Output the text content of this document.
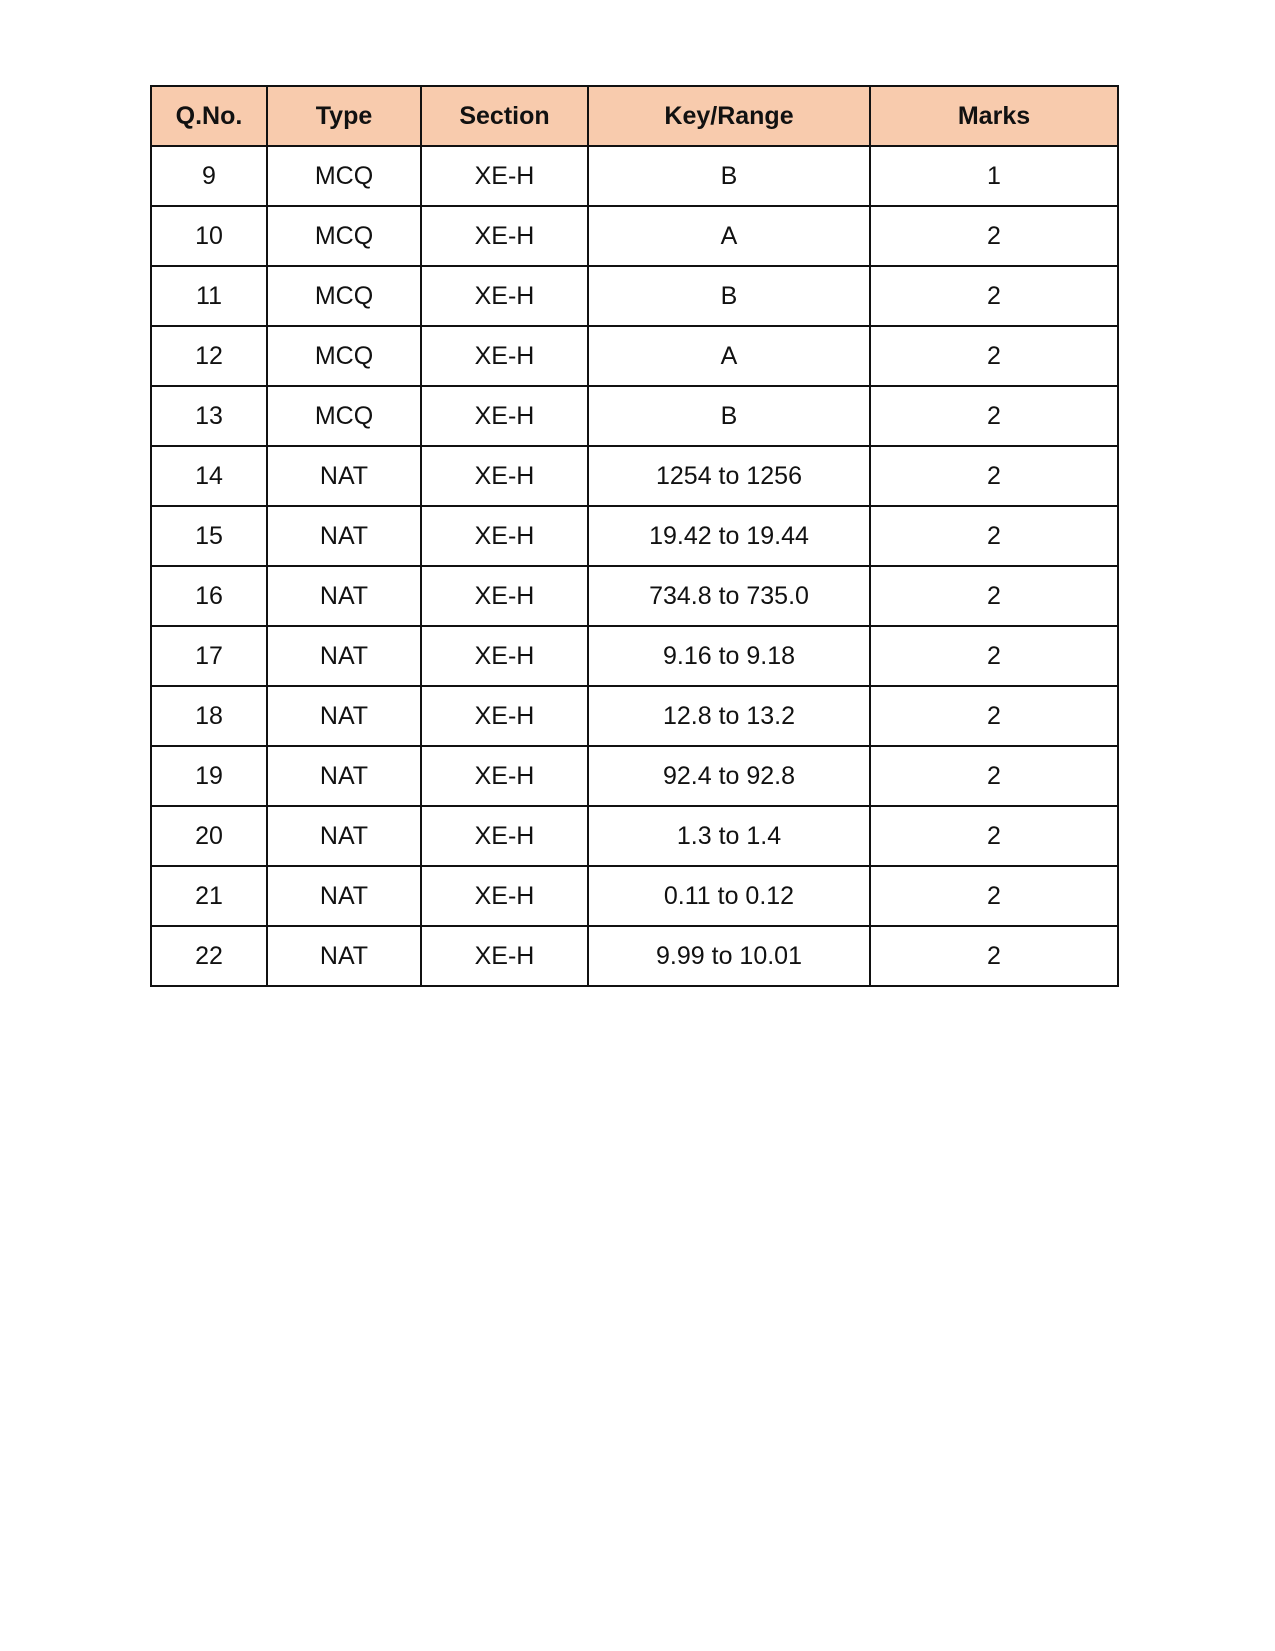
Q.No.	Type	Section	Key/Range	Marks
9	MCQ	XE-H	B	1
10	MCQ	XE-H	A	2
11	MCQ	XE-H	B	2
12	MCQ	XE-H	A	2
13	MCQ	XE-H	B	2
14	NAT	XE-H	1254 to 1256	2
15	NAT	XE-H	19.42 to 19.44	2
16	NAT	XE-H	734.8 to 735.0	2
17	NAT	XE-H	9.16 to 9.18	2
18	NAT	XE-H	12.8 to 13.2	2
19	NAT	XE-H	92.4 to 92.8	2
20	NAT	XE-H	1.3 to 1.4	2
21	NAT	XE-H	0.11 to 0.12	2
22	NAT	XE-H	9.99 to 10.01	2
